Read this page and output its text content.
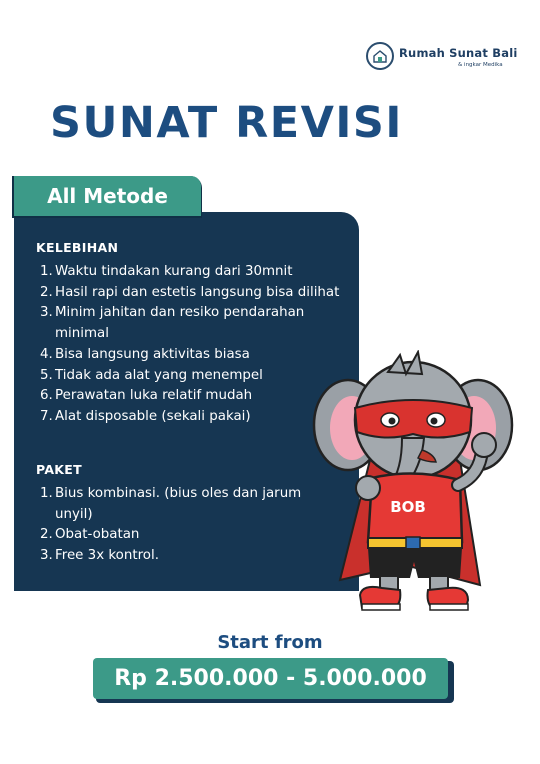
Rumah Sunat Bali
& ingkar Medika
SUNAT REVISI
All Metode
KELEBIHAN
1. Waktu tindakan kurang dari 30mnit
2. Hasil rapi dan estetis langsung bisa dilihat
3. Minim jahitan dan resiko pendarahan minimal
4. Bisa langsung aktivitas biasa
5. Tidak ada alat yang menempel
6. Perawatan luka relatif mudah
7. Alat disposable (sekali pakai)
PAKET
1. Bius kombinasi. (bius oles dan jarum unyil)
2. Obat-obatan
3. Free 3x kontrol.
BOB
Start from
Rp 2.500.000 - 5.000.000
